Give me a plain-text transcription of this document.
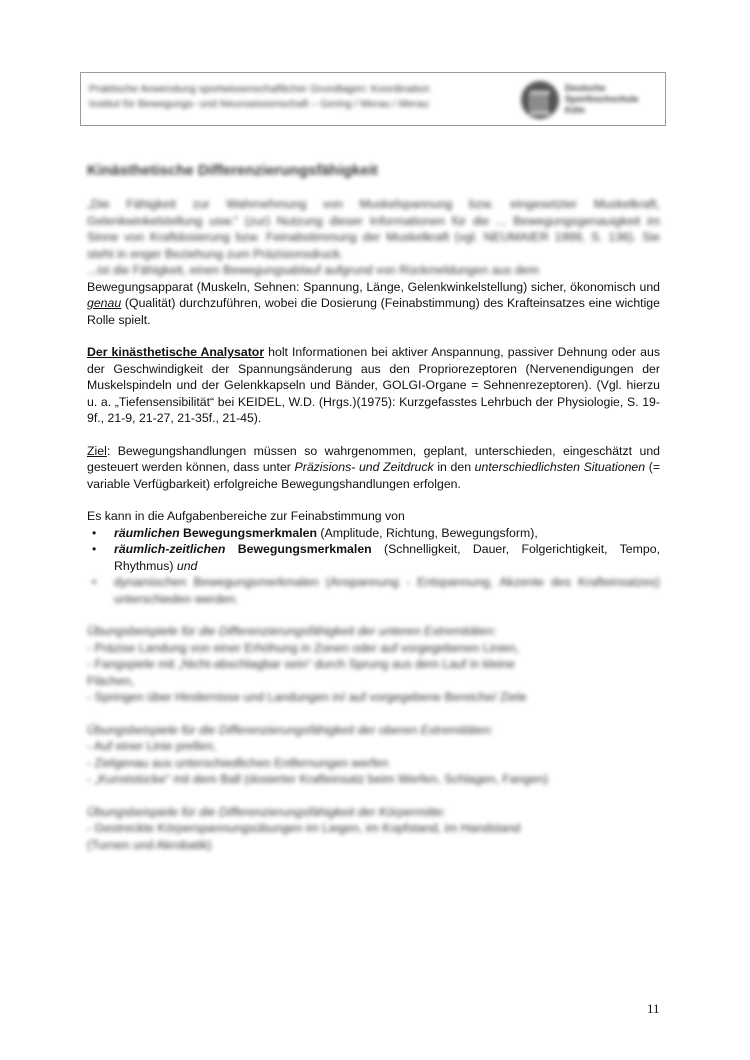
Praktische Anwendung sportwissenschaftlicher Grundlagen: Koordination
Institut für Bewegungs- und Neurowissenschaft – Gering / Merau / Merau
Deutsche
Sporthochschule
Köln
Kinästhetische Differenzierungsfähigkeit

„Die Fähigkeit zur Wahrnehmung von Muskelspannung bzw. eingesetzter Muskelkraft, Gelenkwinkelstellung usw.“ (zur) Nutzung dieser Informationen für die ... Bewegungsgenauigkeit im Sinne von Kraftdosierung bzw. Feinabstimmung der Muskelkraft (vgl. NEUMAIER 1999, S. 136). Sie steht in enger Beziehung zum Präzisionsdruck.

...ist die Fähigkeit, einen Bewegungsablauf aufgrund von Rückmeldungen aus dem

Bewegungsapparat (Muskeln, Sehnen: Spannung, Länge, Gelenkwinkelstellung) sicher, ökonomisch und genau (Qualität) durchzuführen, wobei die Dosierung (Feinabstimmung) des Krafteinsatzes eine wichtige Rolle spielt.

Der kinästhetische Analysator holt Informationen bei aktiver Anspannung, passiver Dehnung oder aus der Geschwindigkeit der Spannungsänderung aus den Propriorezeptoren (Nervenendigungen der Muskelspindeln und der Gelenkkapseln und Bänder, GOLGI-Organe = Sehnenrezeptoren). (Vgl. hierzu u. a. „Tiefensensibilität“ bei KEIDEL, W.D. (Hrgs.)(1975): Kurzgefasstes Lehrbuch der Physiologie, S. 19-9f., 21-9, 21-27, 21-35f., 21-45).

Ziel: Bewegungshandlungen müssen so wahrgenommen, geplant, unterschieden, eingeschätzt und gesteuert werden können, dass unter Präzisions- und Zeitdruck in den unterschiedlichsten Situationen (= variable Verfügbarkeit) erfolgreiche Bewegungshandlungen erfolgen.

Es kann in die Aufgabenbereiche zur Feinabstimmung von

• räumlichen Bewegungsmerkmalen (Amplitude, Richtung, Bewegungsform),
• räumlich-zeitlichen Bewegungsmerkmalen (Schnelligkeit, Dauer, Folgerichtigkeit, Tempo, Rhythmus) und
• dynamischen Bewegungsmerkmalen (Anspannung - Entspannung, Akzente des Krafteinsatzes) unterschieden werden.
Übungsbeispiele für die Differenzierungsfähigkeit der unteren Extremitäten:
- Präzise Landung von einer Erhöhung in Zonen oder auf vorgegebenen Linien,
- Fangspiele mit „Nicht-abschlagbar sein“ durch Sprung aus dem Lauf in kleine
Flächen,
- Springen über Hindernisse und Landungen in/ auf vorgegebene Bereiche/ Ziele
Übungsbeispiele für die Differenzierungsfähigkeit der oberen Extremitäten:
- Auf einer Linie prellen,
- Zielgenau aus unterschiedlichen Entfernungen werfen
- „Kunststücke“ mit dem Ball (dosierter Krafteinsatz beim Werfen, Schlagen, Fangen)
Übungsbeispiele für die Differenzierungsfähigkeit der Körpermitte:
- Gestreckte Körperspannungsübungen im Liegen, im Kopfstand, im Handstand
(Turnen und Akrobatik)
11
